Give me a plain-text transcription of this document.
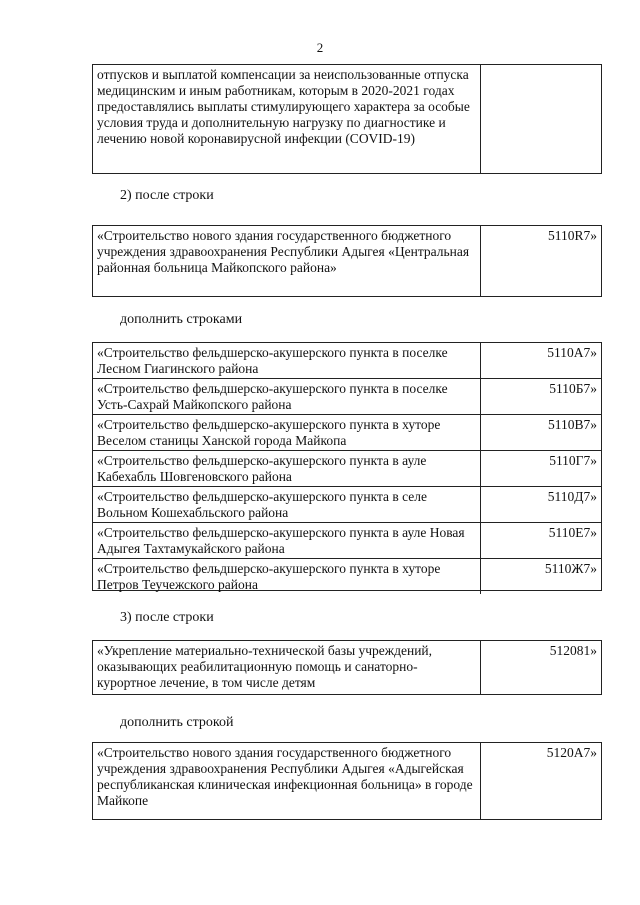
2
отпусков и выплатой компенсации за неиспользованные отпуска медицинским и иным работникам, которым в 2020-2021 годах предоставлялись выплаты стимулирующего характера за особые условия труда и дополнительную нагрузку по диагностике и лечению новой коронавирусной инфекции (COVID-19)
2) после строки
«Строительство нового здания государственного бюджетного учреждения здравоохранения Республики Адыгея «Центральная районная больница Майкопского района»
5110R7»
дополнить строками
«Строительство фельдшерско-акушерского пункта в поселке Лесном Гиагинского района
5110А7»
«Строительство фельдшерско-акушерского пункта в поселке Усть-Сахрай Майкопского района
5110Б7»
«Строительство фельдшерско-акушерского пункта в хуторе Веселом станицы Ханской города Майкопа
5110В7»
«Строительство фельдшерско-акушерского пункта в ауле Кабехабль Шовгеновского района
5110Г7»
«Строительство фельдшерско-акушерского пункта в селе Вольном Кошехабльского района
5110Д7»
«Строительство фельдшерско-акушерского пункта в ауле Новая Адыгея Тахтамукайского района
5110Е7»
«Строительство фельдшерско-акушерского пункта в хуторе Петров Теучежского района
5110Ж7»
3) после строки
«Укрепление материально-технической базы учреждений, оказывающих реабилитационную помощь и санаторно-курортное лечение, в том числе детям
512081»
дополнить строкой
«Строительство нового здания государственного бюджетного учреждения здравоохранения Республики Адыгея «Адыгейская республиканская клиническая инфекционная больница» в городе Майкопе
5120А7»
